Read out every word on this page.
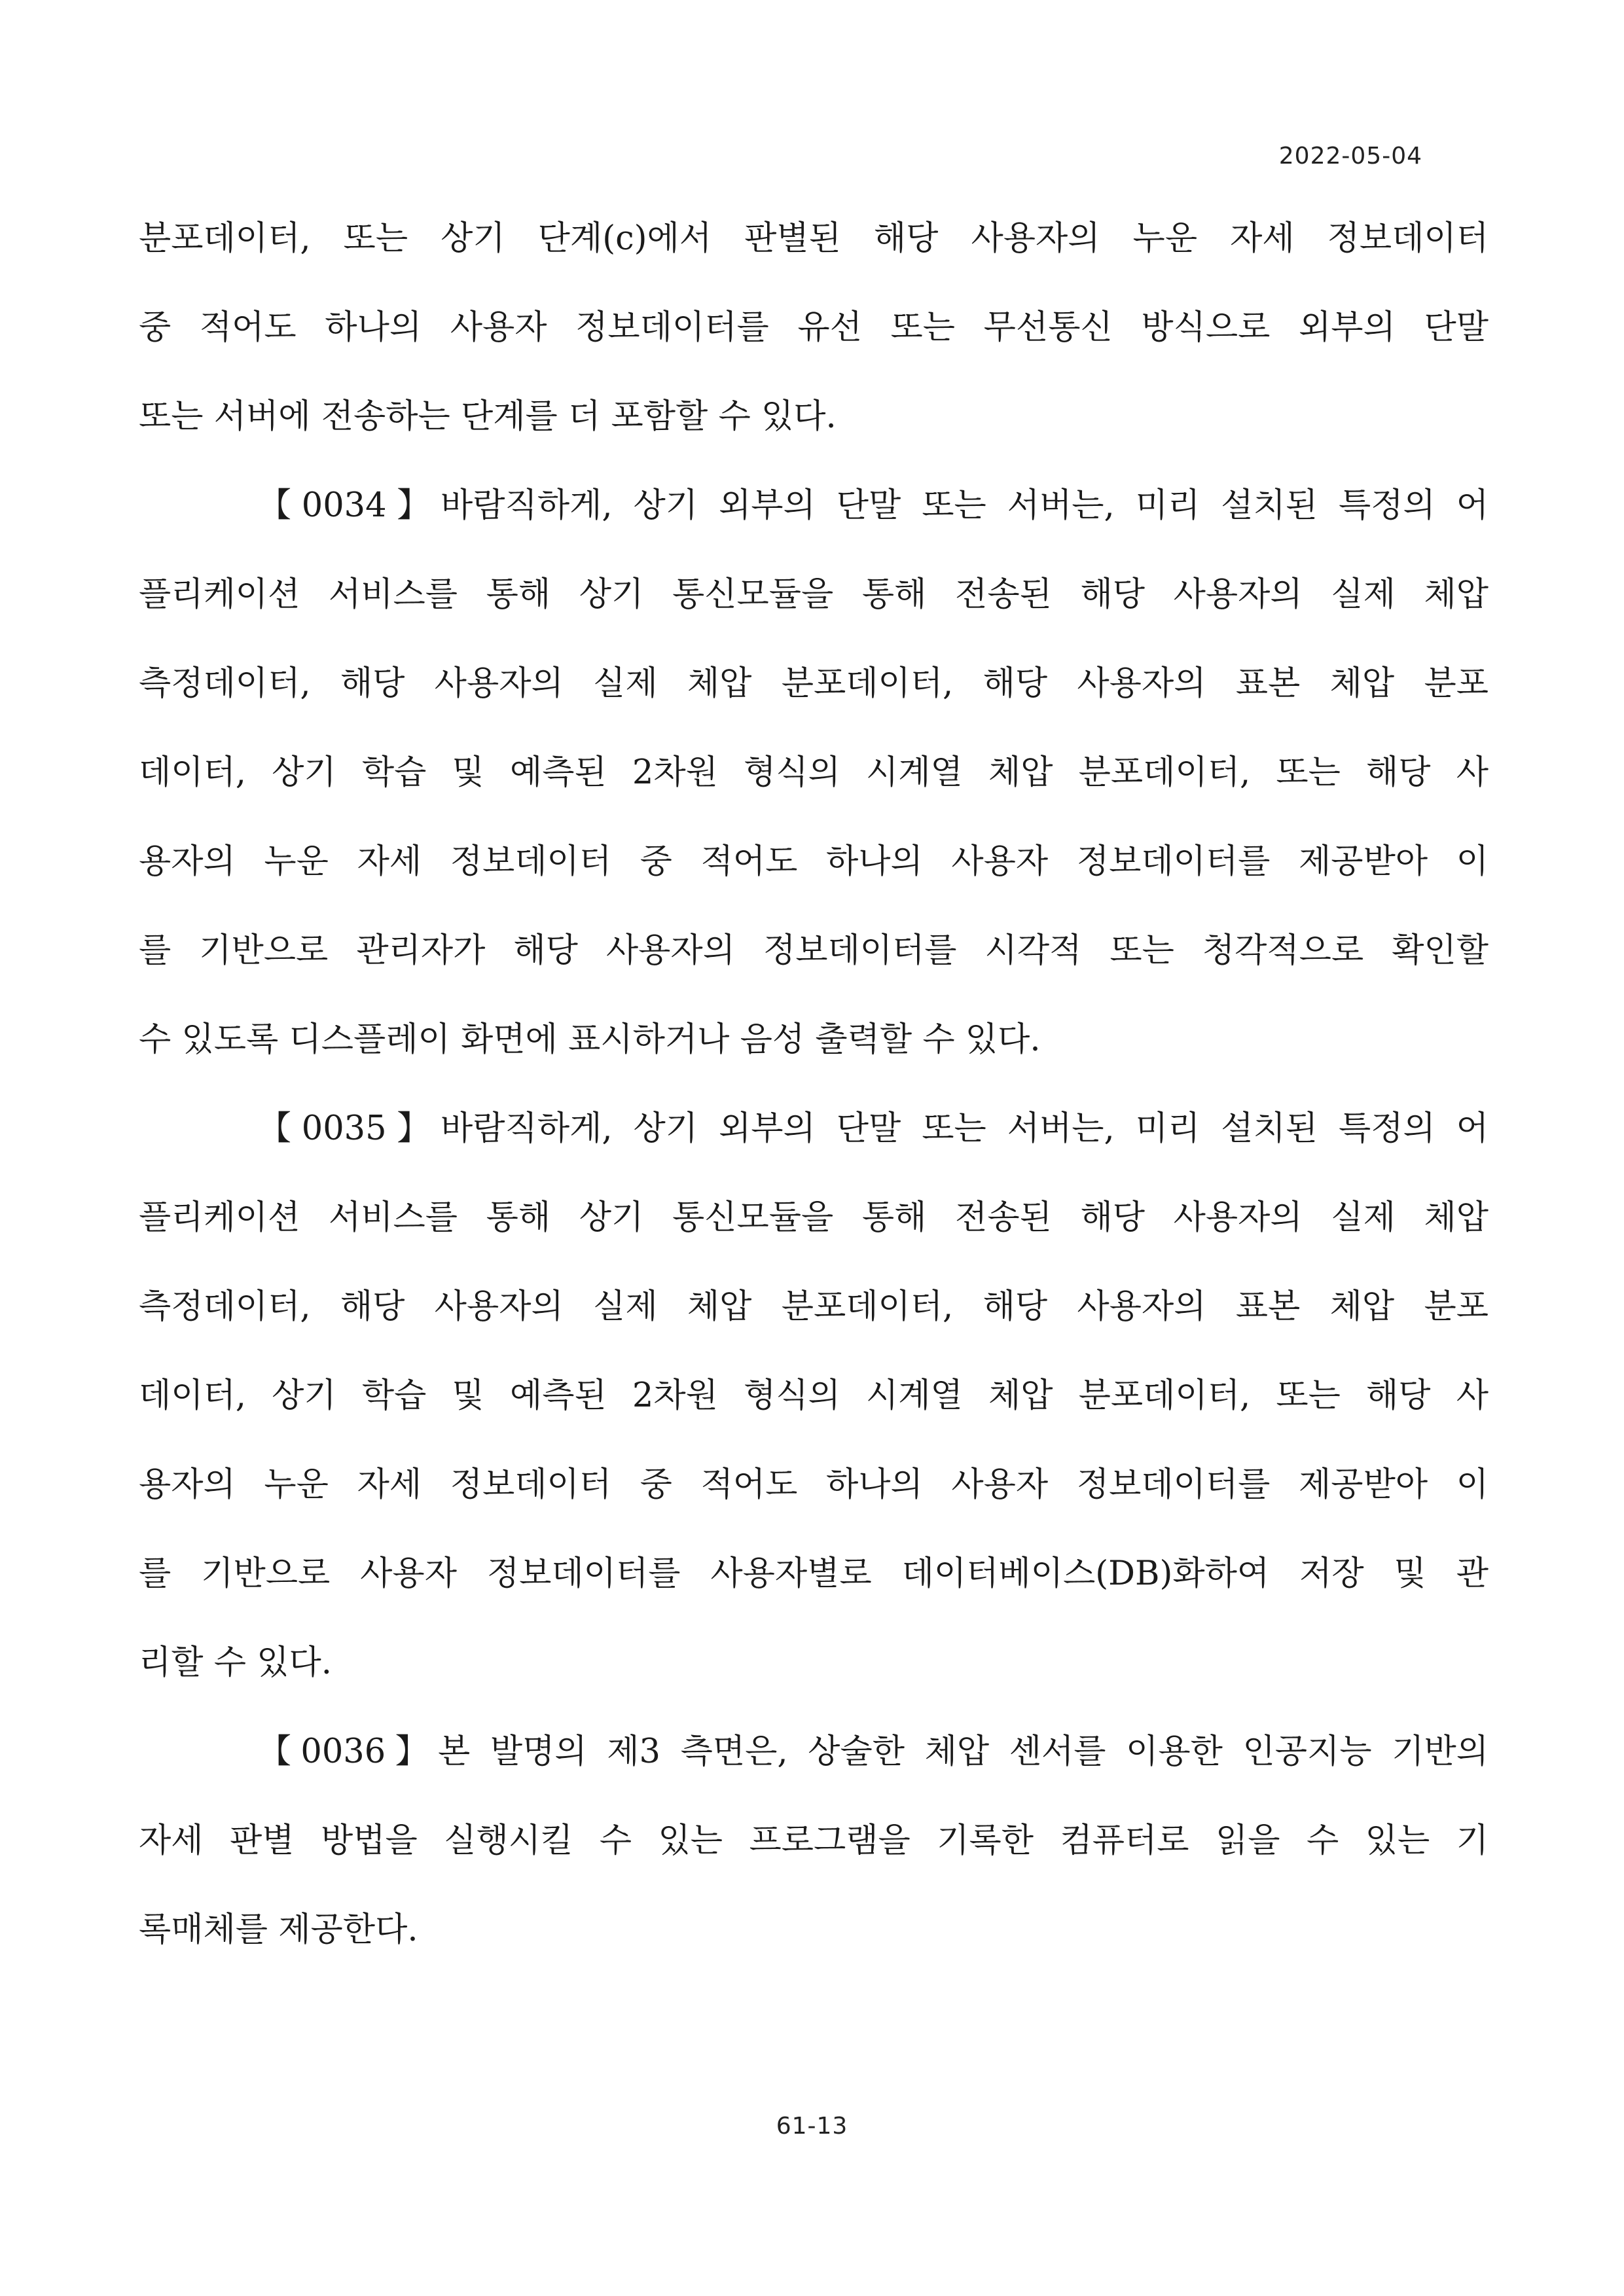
2022-05-04
분포데이터, 또는 상기 단계(c)에서 판별된 해당 사용자의 누운 자세 정보데이터
중 적어도 하나의 사용자 정보데이터를 유선 또는 무선통신 방식으로 외부의 단말
또는 서버에 전송하는 단계를 더 포함할 수 있다.
【0034】바람직하게, 상기 외부의 단말 또는 서버는, 미리 설치된 특정의 어
플리케이션 서비스를 통해 상기 통신모듈을 통해 전송된 해당 사용자의 실제 체압
측정데이터, 해당 사용자의 실제 체압 분포데이터, 해당 사용자의 표본 체압 분포
데이터, 상기 학습 및 예측된 2차원 형식의 시계열 체압 분포데이터, 또는 해당 사
용자의 누운 자세 정보데이터 중 적어도 하나의 사용자 정보데이터를 제공받아 이
를 기반으로 관리자가 해당 사용자의 정보데이터를 시각적 또는 청각적으로 확인할
수 있도록 디스플레이 화면에 표시하거나 음성 출력할 수 있다.
【0035】바람직하게, 상기 외부의 단말 또는 서버는, 미리 설치된 특정의 어
플리케이션 서비스를 통해 상기 통신모듈을 통해 전송된 해당 사용자의 실제 체압
측정데이터, 해당 사용자의 실제 체압 분포데이터, 해당 사용자의 표본 체압 분포
데이터, 상기 학습 및 예측된 2차원 형식의 시계열 체압 분포데이터, 또는 해당 사
용자의 누운 자세 정보데이터 중 적어도 하나의 사용자 정보데이터를 제공받아 이
를 기반으로 사용자 정보데이터를 사용자별로 데이터베이스(DB)화하여 저장 및 관
리할 수 있다.
【0036】본 발명의 제3 측면은, 상술한 체압 센서를 이용한 인공지능 기반의
자세 판별 방법을 실행시킬 수 있는 프로그램을 기록한 컴퓨터로 읽을 수 있는 기
록매체를 제공한다.
61-13
